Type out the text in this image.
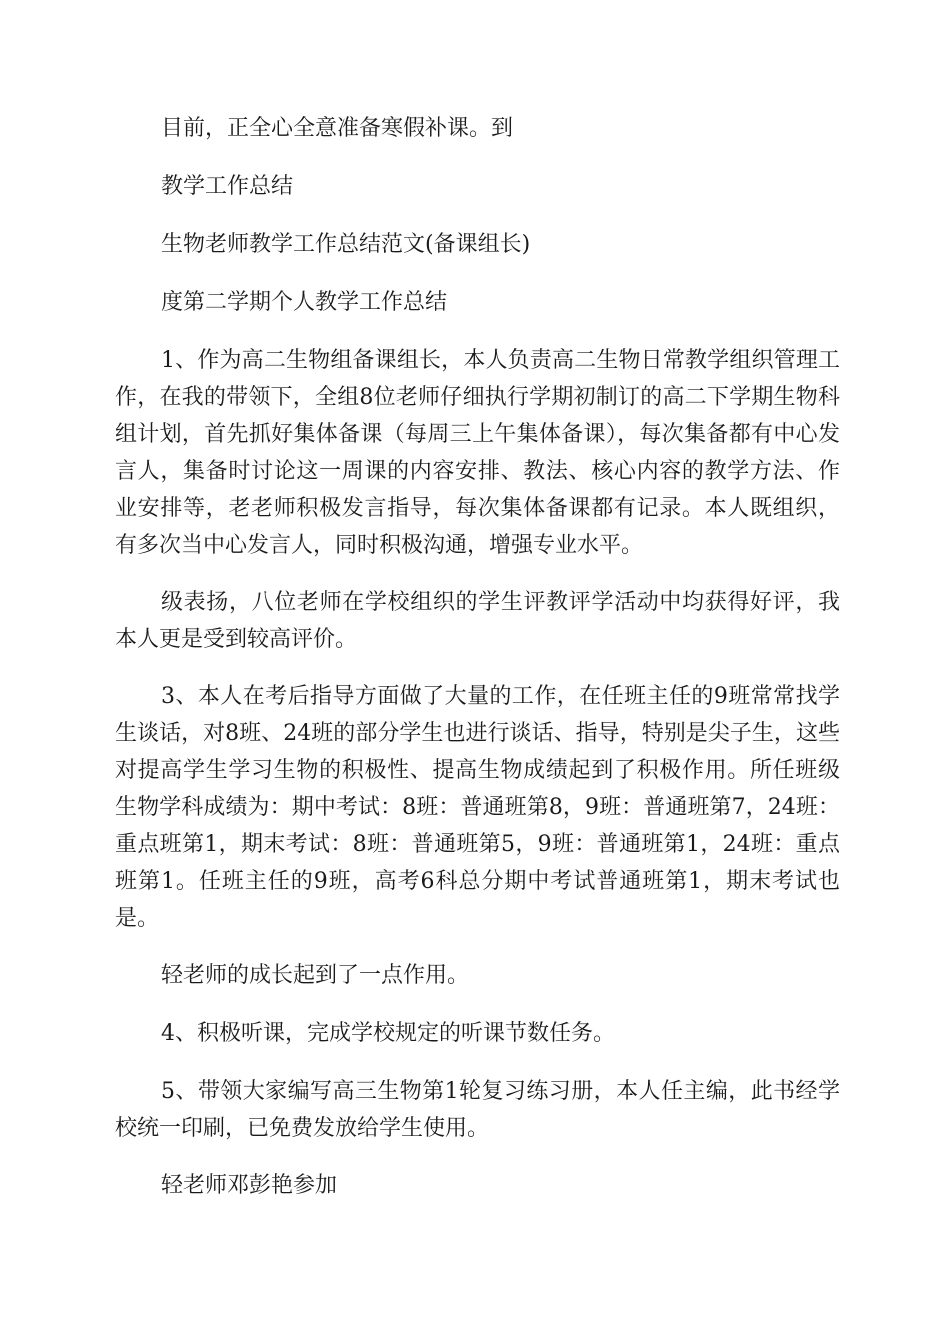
目前，正全心全意准备寒假补课。到

教学工作总结

生物老师教学工作总结范文(备课组长)

度第二学期个人教学工作总结

1、作为高二生物组备课组长，本人负责高二生物日常教学组织管理工作，在我的带领下，全组8位老师仔细执行学期初制订的高二下学期生物科组计划，首先抓好集体备课（每周三上午集体备课），每次集备都有中心发言人，集备时讨论这一周课的内容安排、教法、核心内容的教学方法、作业安排等，老老师积极发言指导，每次集体备课都有记录。本人既组织，有多次当中心发言人，同时积极沟通，增强专业水平。

级表扬，八位老师在学校组织的学生评教评学活动中均获得好评，我本人更是受到较高评价。

3、本人在考后指导方面做了大量的工作，在任班主任的9班常常找学生谈话，对8班、24班的部分学生也进行谈话、指导，特别是尖子生，这些对提高学生学习生物的积极性、提高生物成绩起到了积极作用。所任班级生物学科成绩为：期中考试：8班：普通班第8，9班：普通班第7，24班：重点班第1，期末考试：8班：普通班第5，9班：普通班第1，24班：重点班第1。任班主任的9班，高考6科总分期中考试普通班第1，期末考试也是。

轻老师的成长起到了一点作用。

4、积极听课，完成学校规定的听课节数任务。

5、带领大家编写高三生物第1轮复习练习册，本人任主编，此书经学校统一印刷，已免费发放给学生使用。

轻老师邓彭艳参加
